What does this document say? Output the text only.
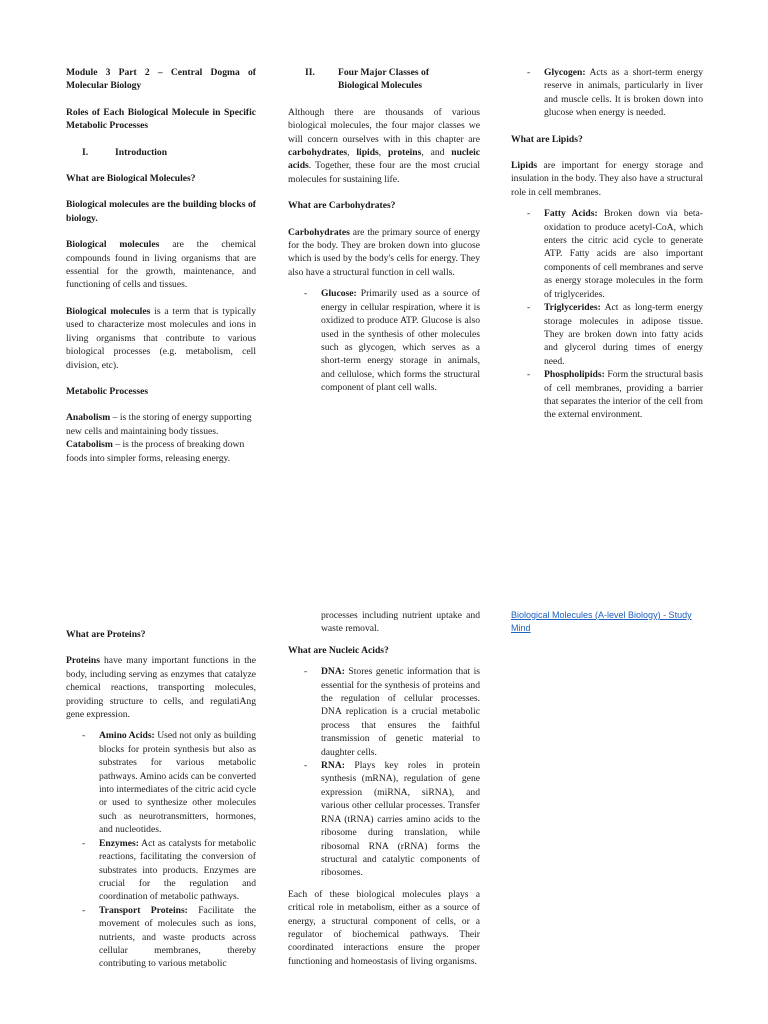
Module 3 Part 2 – Central Dogma of Molecular Biology

Roles of Each Biological Molecule in Specific Metabolic Processes

I.	Introduction

What are Biological Molecules?

Biological molecules are the building blocks of biology.

Biological molecules are the chemical compounds found in living organisms that are essential for the growth, maintenance, and functioning of cells and tissues.

Biological molecules is a term that is typically used to characterize most molecules and ions in living organisms that contribute to various biological processes (e.g. metabolism, cell division, etc).

Metabolic Processes

Anabolism – is the storing of energy supporting new cells and maintaining body tissues.

Catabolism – is the process of breaking down foods into simpler forms, releasing energy.

II.	Four Major Classes of Biological Molecules

Although there are thousands of various biological molecules, the four major classes we will concern ourselves with in this chapter are carbohydrates, lipids, proteins, and nucleic acids. Together, these four are the most crucial molecules for sustaining life.

What are Carbohydrates?

Carbohydrates are the primary source of energy for the body. They are broken down into glucose which is used by the body's cells for energy. They also have a structural function in cell walls.

-	Glucose: Primarily used as a source of energy in cellular respiration, where it is oxidized to produce ATP. Glucose is also used in the synthesis of other molecules such as glycogen, which serves as a short-term energy storage in animals, and cellulose, which forms the structural component of plant cell walls.

-	Glycogen: Acts as a short-term energy reserve in animals, particularly in liver and muscle cells. It is broken down into glucose when energy is needed.

What are Lipids?

Lipids are important for energy storage and insulation in the body. They also have a structural role in cell membranes.

-	Fatty Acids: Broken down via beta-oxidation to produce acetyl-CoA, which enters the citric acid cycle to generate ATP. Fatty acids are also important components of cell membranes and serve as energy storage molecules in the form of triglycerides.

-	Triglycerides: Act as long-term energy storage molecules in adipose tissue. They are broken down into fatty acids and glycerol during times of energy need.

-	Phospholipids: Form the structural basis of cell membranes, providing a barrier that separates the interior of the cell from the external environment.

What are Proteins?

Proteins have many important functions in the body, including serving as enzymes that catalyze chemical reactions, transporting molecules, providing structure to cells, and regulatiAng gene expression.

-	Amino Acids: Used not only as building blocks for protein synthesis but also as substrates for various metabolic pathways. Amino acids can be converted into intermediates of the citric acid cycle or used to synthesize other molecules such as neurotransmitters, hormones, and nucleotides.

-	Enzymes: Act as catalysts for metabolic reactions, facilitating the conversion of substrates into products. Enzymes are crucial for the regulation and coordination of metabolic pathways.

-	Transport Proteins: Facilitate the movement of molecules such as ions, nutrients, and waste products across cellular membranes, thereby contributing to various metabolic

processes including nutrient uptake and waste removal.

What are Nucleic Acids?

-	DNA: Stores genetic information that is essential for the synthesis of proteins and the regulation of cellular processes. DNA replication is a crucial metabolic process that ensures the faithful transmission of genetic material to daughter cells.

-	RNA: Plays key roles in protein synthesis (mRNA), regulation of gene expression (miRNA, siRNA), and various other cellular processes. Transfer RNA (tRNA) carries amino acids to the ribosome during translation, while ribosomal RNA (rRNA) forms the structural and catalytic components of ribosomes.

Each of these biological molecules plays a critical role in metabolism, either as a source of energy, a structural component of cells, or a regulator of biochemical pathways. Their coordinated interactions ensure the proper functioning and homeostasis of living organisms.

Biological Molecules (A-level Biology) - Study Mind
